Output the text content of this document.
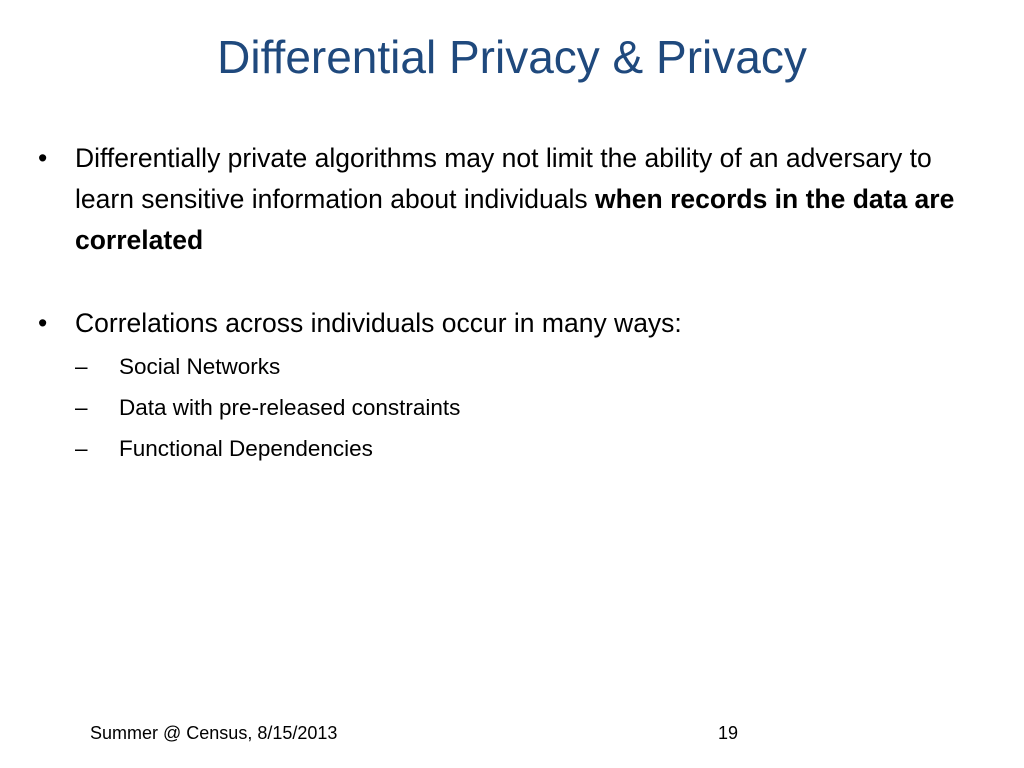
Differential Privacy & Privacy
•	Differentially private algorithms may not limit the ability of an adversary to learn sensitive information about individuals when records in the data are correlated
•	Correlations across individuals occur in many ways:
–	Social Networks
–	Data with pre-released constraints
–	Functional Dependencies
Summer @ Census, 8/15/2013	19
